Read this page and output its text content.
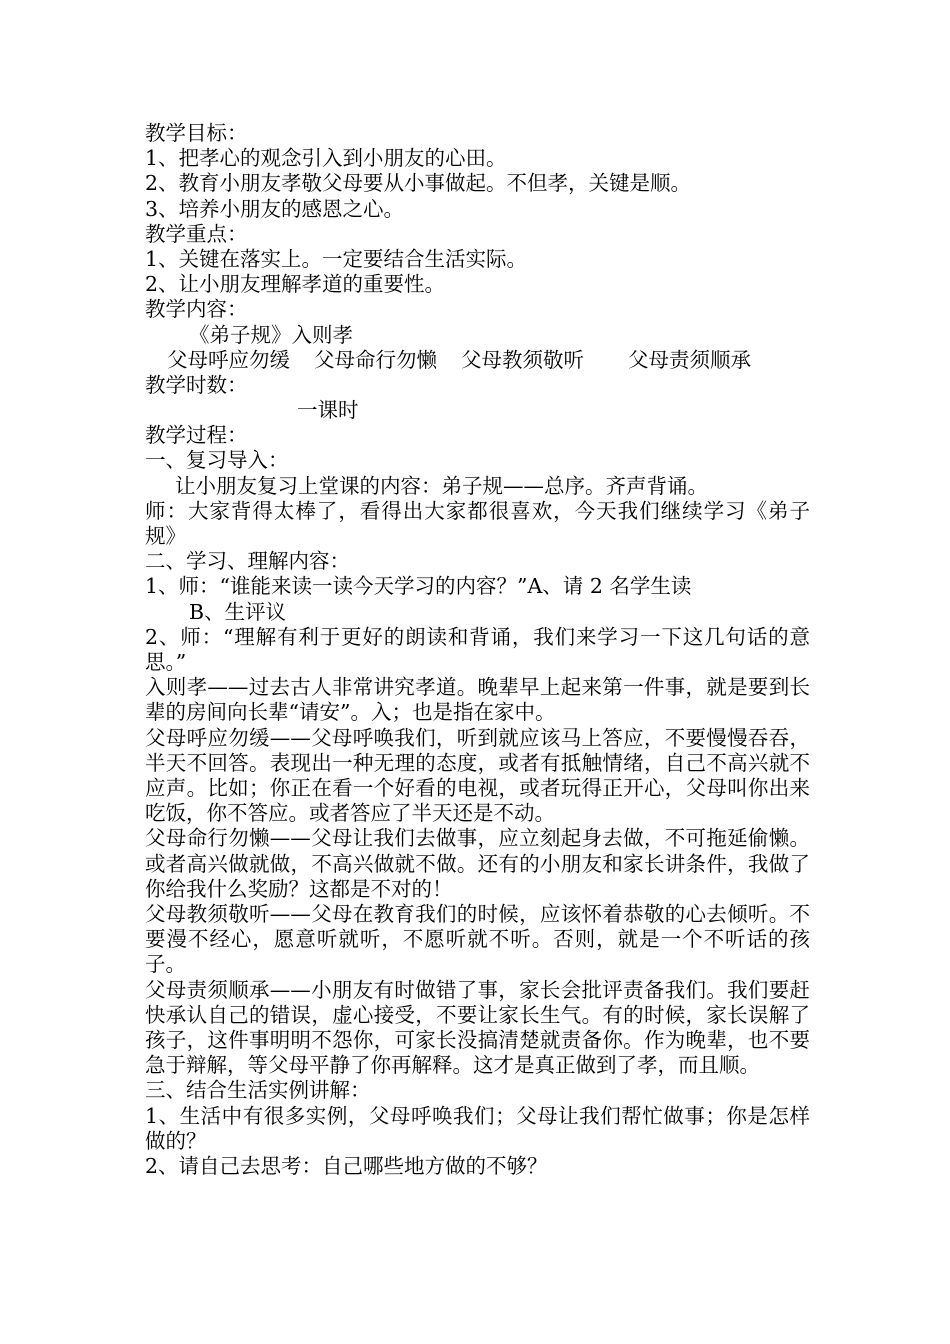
教学目标：
1、把孝心的观念引入到小朋友的心田。
2、教育小朋友孝敬父母要从小事做起。不但孝，关键是顺。
3、培养小朋友的感恩之心。
教学重点：
1、关键在落实上。一定要结合生活实际。
2、让小朋友理解孝道的重要性。
教学内容：
《弟子规》入则孝
父母呼应勿缓 父母命行勿懒 父母教须敬听 父母责须顺承
教学时数：
一课时
教学过程：
一、复习导入：
让小朋友复习上堂课的内容：弟子规——总序。齐声背诵。
师：大家背得太棒了，看得出大家都很喜欢，今天我们继续学习《弟子规》
二、学习、理解内容：
1、师：“谁能来读一读今天学习的内容？”A、请 2 名学生读
B、生评议
2、师：“理解有利于更好的朗读和背诵，我们来学习一下这几句话的意思。”
入则孝——过去古人非常讲究孝道。晚辈早上起来第一件事，就是要到长辈的房间向长辈“请安”。入；也是指在家中。
父母呼应勿缓——父母呼唤我们，听到就应该马上答应，不要慢慢吞吞，半天不回答。表现出一种无理的态度，或者有抵触情绪，自己不高兴就不应声。比如；你正在看一个好看的电视，或者玩得正开心，父母叫你出来吃饭，你不答应。或者答应了半天还是不动。
父母命行勿懒——父母让我们去做事，应立刻起身去做，不可拖延偷懒。或者高兴做就做，不高兴做就不做。还有的小朋友和家长讲条件，我做了你给我什么奖励？这都是不对的！
父母教须敬听——父母在教育我们的时候，应该怀着恭敬的心去倾听。不要漫不经心，愿意听就听，不愿听就不听。否则，就是一个不听话的孩子。
父母责须顺承——小朋友有时做错了事，家长会批评责备我们。我们要赶快承认自己的错误，虚心接受，不要让家长生气。有的时候，家长误解了孩子，这件事明明不怨你，可家长没搞清楚就责备你。作为晚辈，也不要急于辩解，等父母平静了你再解释。这才是真正做到了孝，而且顺。
三、结合生活实例讲解：
1、生活中有很多实例，父母呼唤我们；父母让我们帮忙做事；你是怎样做的？
2、请自己去思考：自己哪些地方做的不够？
